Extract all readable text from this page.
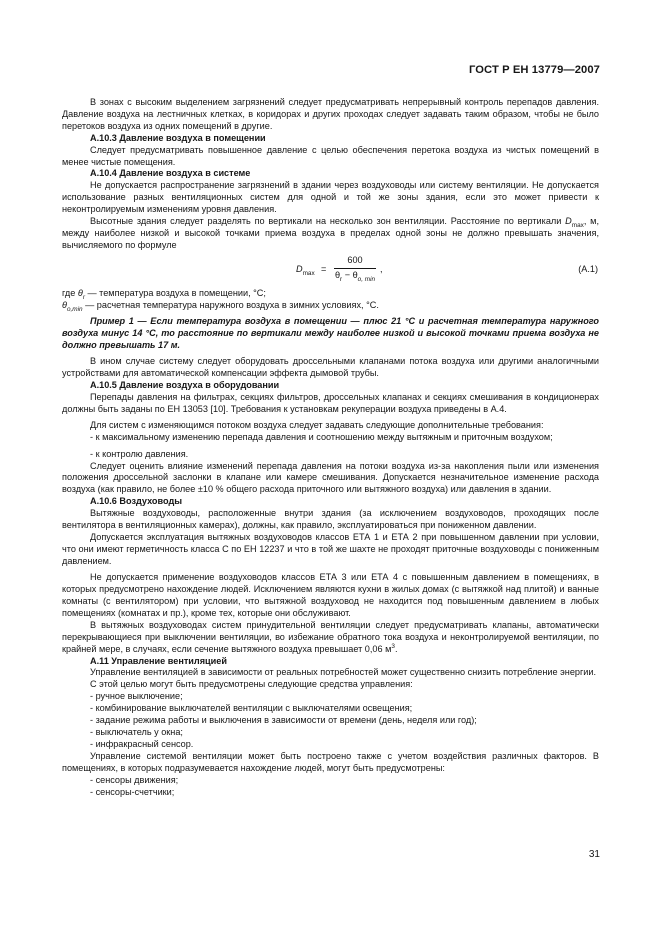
ГОСТ Р ЕН 13779—2007

В зонах с высоким выделением загрязнений следует предусматривать непрерывный контроль перепадов давления. Давление воздуха на лестничных клетках, в коридорах и других проходах следует задавать таким образом, чтобы не было перетоков воздуха из одних помещений в другие.

А.10.3 Давление воздуха в помещении

Следует предусматривать повышенное давление с целью обеспечения перетока воздуха из чистых помещений в менее чистые помещения.

А.10.4 Давление воздуха в системе

Не допускается распространение загрязнений в здании через воздуховоды или систему вентиляции. Не допускается использование разных вентиляционных систем для одной и той же зоны здания, если это может привести к неконтролируемым изменениям уровня давления.

Высотные здания следует разделять по вертикали на несколько зон вентиляции. Расстояние по вертикали $D_{max}$, м, между наиболее низкой и высокой точками приема воздуха в пределах одной зоны не должно превышать значения, вычисляемого по формуле

$D_{max}$ =
600
$\theta_r - \theta_{o, min}$
,	(А.1)

где $\theta_r$ — температура воздуха в помещении, °С;

$\theta_{o,min}$ — расчетная температура наружного воздуха в зимних условиях, °С.

Пример 1 — Если температура воздуха в помещении — плюс 21 °С и расчетная температура наружного воздуха минус 14 °С, то расстояние по вертикали между наиболее низкой и высокой точками приема воздуха не должно превышать 17 м.

В ином случае систему следует оборудовать дроссельными клапанами потока воздуха или другими аналогичными устройствами для автоматической компенсации эффекта дымовой трубы.

А.10.5 Давление воздуха в оборудовании

Перепады давления на фильтрах, секциях фильтров, дроссельных клапанах и секциях смешивания в кондиционерах должны быть заданы по ЕН 13053 [10]. Требования к установкам рекуперации воздуха приведены в А.4.

Для систем с изменяющимся потоком воздуха следует задавать следующие дополнительные требования:

- к максимальному изменению перепада давления и соотношению между вытяжным и приточным воздухом;

- к контролю давления.

Следует оценить влияние изменений перепада давления на потоки воздуха из-за накопления пыли или изменения положения дроссельной заслонки в клапане или камере смешивания. Допускается незначительное изменение расхода воздуха (как правило, не более ±10 % общего расхода приточного или вытяжного воздуха) или давления в здании.

А.10.6 Воздуховоды

Вытяжные воздуховоды, расположенные внутри здания (за исключением воздуховодов, проходящих после вентилятора в вентиляционных камерах), должны, как правило, эксплуатироваться при пониженном давлении.

Допускается эксплуатация вытяжных воздуховодов классов ЕТА 1 и ЕТА 2 при повышенном давлении при условии, что они имеют герметичность класса С по ЕН 12237 и что в той же шахте не проходят приточные воздуховоды с пониженным давлением.

Не допускается применение воздуховодов классов ЕТА 3 или ЕТА 4 с повышенным давлением в помещениях, в которых предусмотрено нахождение людей. Исключением являются кухни в жилых домах (с вытяжкой над плитой) и ванные комнаты (с вентилятором) при условии, что вытяжной воздуховод не находится под повышенным давлением в любых помещениях (комнатах и пр.), кроме тех, которые они обслуживают.

В вытяжных воздуховодах систем принудительной вентиляции следует предусматривать клапаны, автоматически перекрывающиеся при выключении вентиляции, во избежание обратного тока воздуха и неконтролируемой вентиляции, по крайней мере, в случаях, если сечение вытяжного воздуха превышает 0,06 $м^3$.

А.11 Управление вентиляцией

Управление вентиляцией в зависимости от реальных потребностей может существенно снизить потребление энергии.

С этой целью могут быть предусмотрены следующие средства управления:

- ручное выключение;

- комбинирование выключателей вентиляции с выключателями освещения;

- задание режима работы и выключения в зависимости от времени (день, неделя или год);

- выключатель у окна;

- инфракрасный сенсор.

Управление системой вентиляции может быть построено также с учетом воздействия различных факторов. В помещениях, в которых подразумевается нахождение людей, могут быть предусмотрены:

- сенсоры движения;

- сенсоры-счетчики;

31
